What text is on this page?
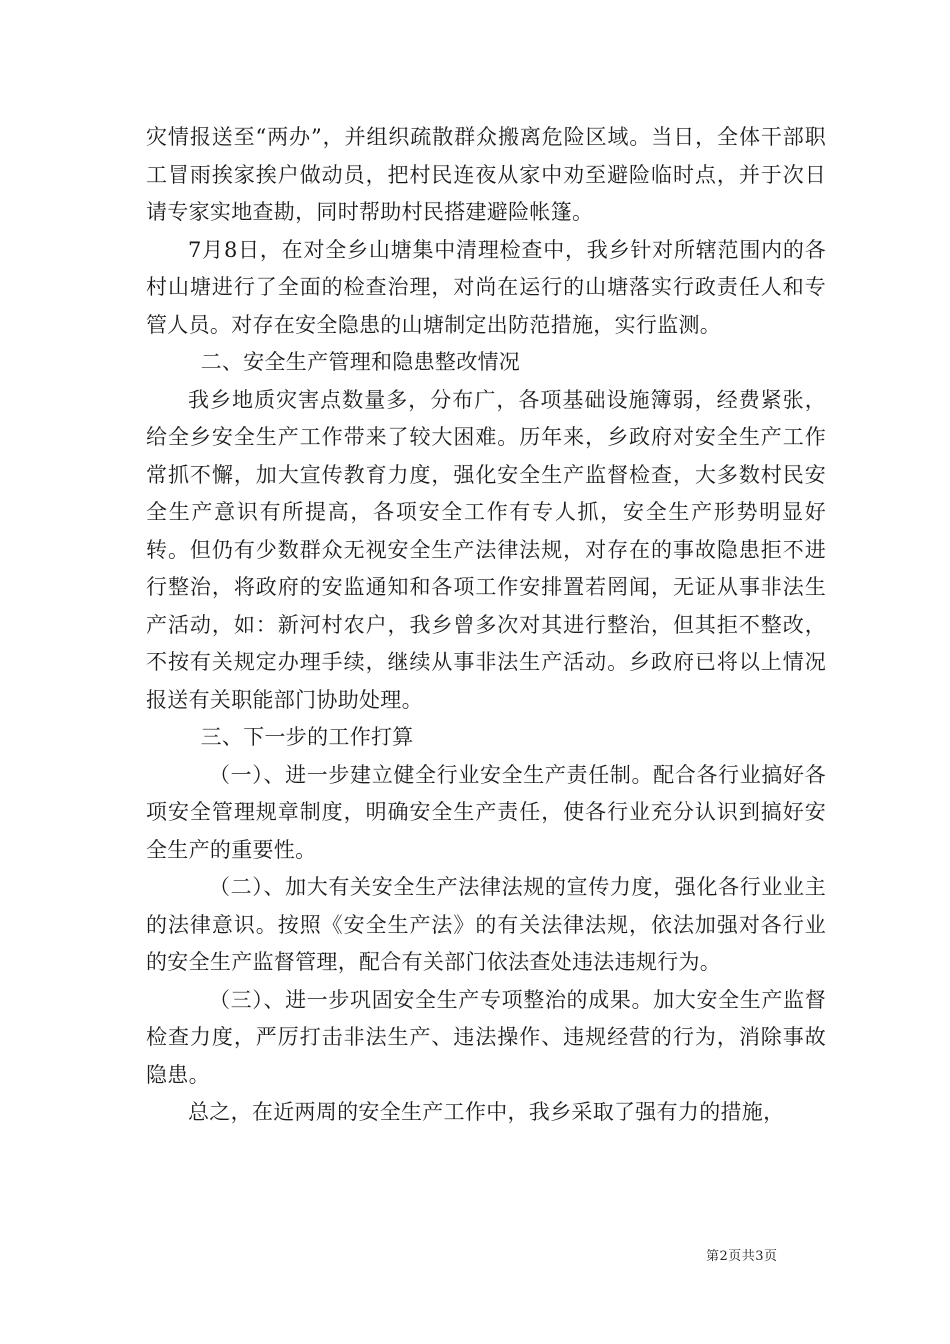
灾情报送至“两办”，并组织疏散群众搬离危险区域。当日，全体干部职工冒雨挨家挨户做动员，把村民连夜从家中劝至避险临时点，并于次日请专家实地查勘，同时帮助村民搭建避险帐篷。

7月8日，在对全乡山塘集中清理检查中，我乡针对所辖范围内的各村山塘进行了全面的检查治理，对尚在运行的山塘落实行政责任人和专管人员。对存在安全隐患的山塘制定出防范措施，实行监测。

二、安全生产管理和隐患整改情况

我乡地质灾害点数量多，分布广，各项基础设施簿弱，经费紧张，给全乡安全生产工作带来了较大困难。历年来，乡政府对安全生产工作常抓不懈，加大宣传教育力度，强化安全生产监督检查，大多数村民安全生产意识有所提高，各项安全工作有专人抓，安全生产形势明显好转。但仍有少数群众无视安全生产法律法规，对存在的事故隐患拒不进行整治，将政府的安监通知和各项工作安排置若罔闻，无证从事非法生产活动，如：新河村农户，我乡曾多次对其进行整治，但其拒不整改，不按有关规定办理手续，继续从事非法生产活动。乡政府已将以上情况报送有关职能部门协助处理。

三、下一步的工作打算

（一）、进一步建立健全行业安全生产责任制。配合各行业搞好各项安全管理规章制度，明确安全生产责任，使各行业充分认识到搞好安全生产的重要性。

（二）、加大有关安全生产法律法规的宣传力度，强化各行业业主的法律意识。按照《安全生产法》的有关法律法规，依法加强对各行业的安全生产监督管理，配合有关部门依法查处违法违规行为。

（三）、进一步巩固安全生产专项整治的成果。加大安全生产监督检查力度，严厉打击非法生产、违法操作、违规经营的行为，消除事故隐患。

总之，在近两周的安全生产工作中，我乡采取了强有力的措施，

第2页共3页
